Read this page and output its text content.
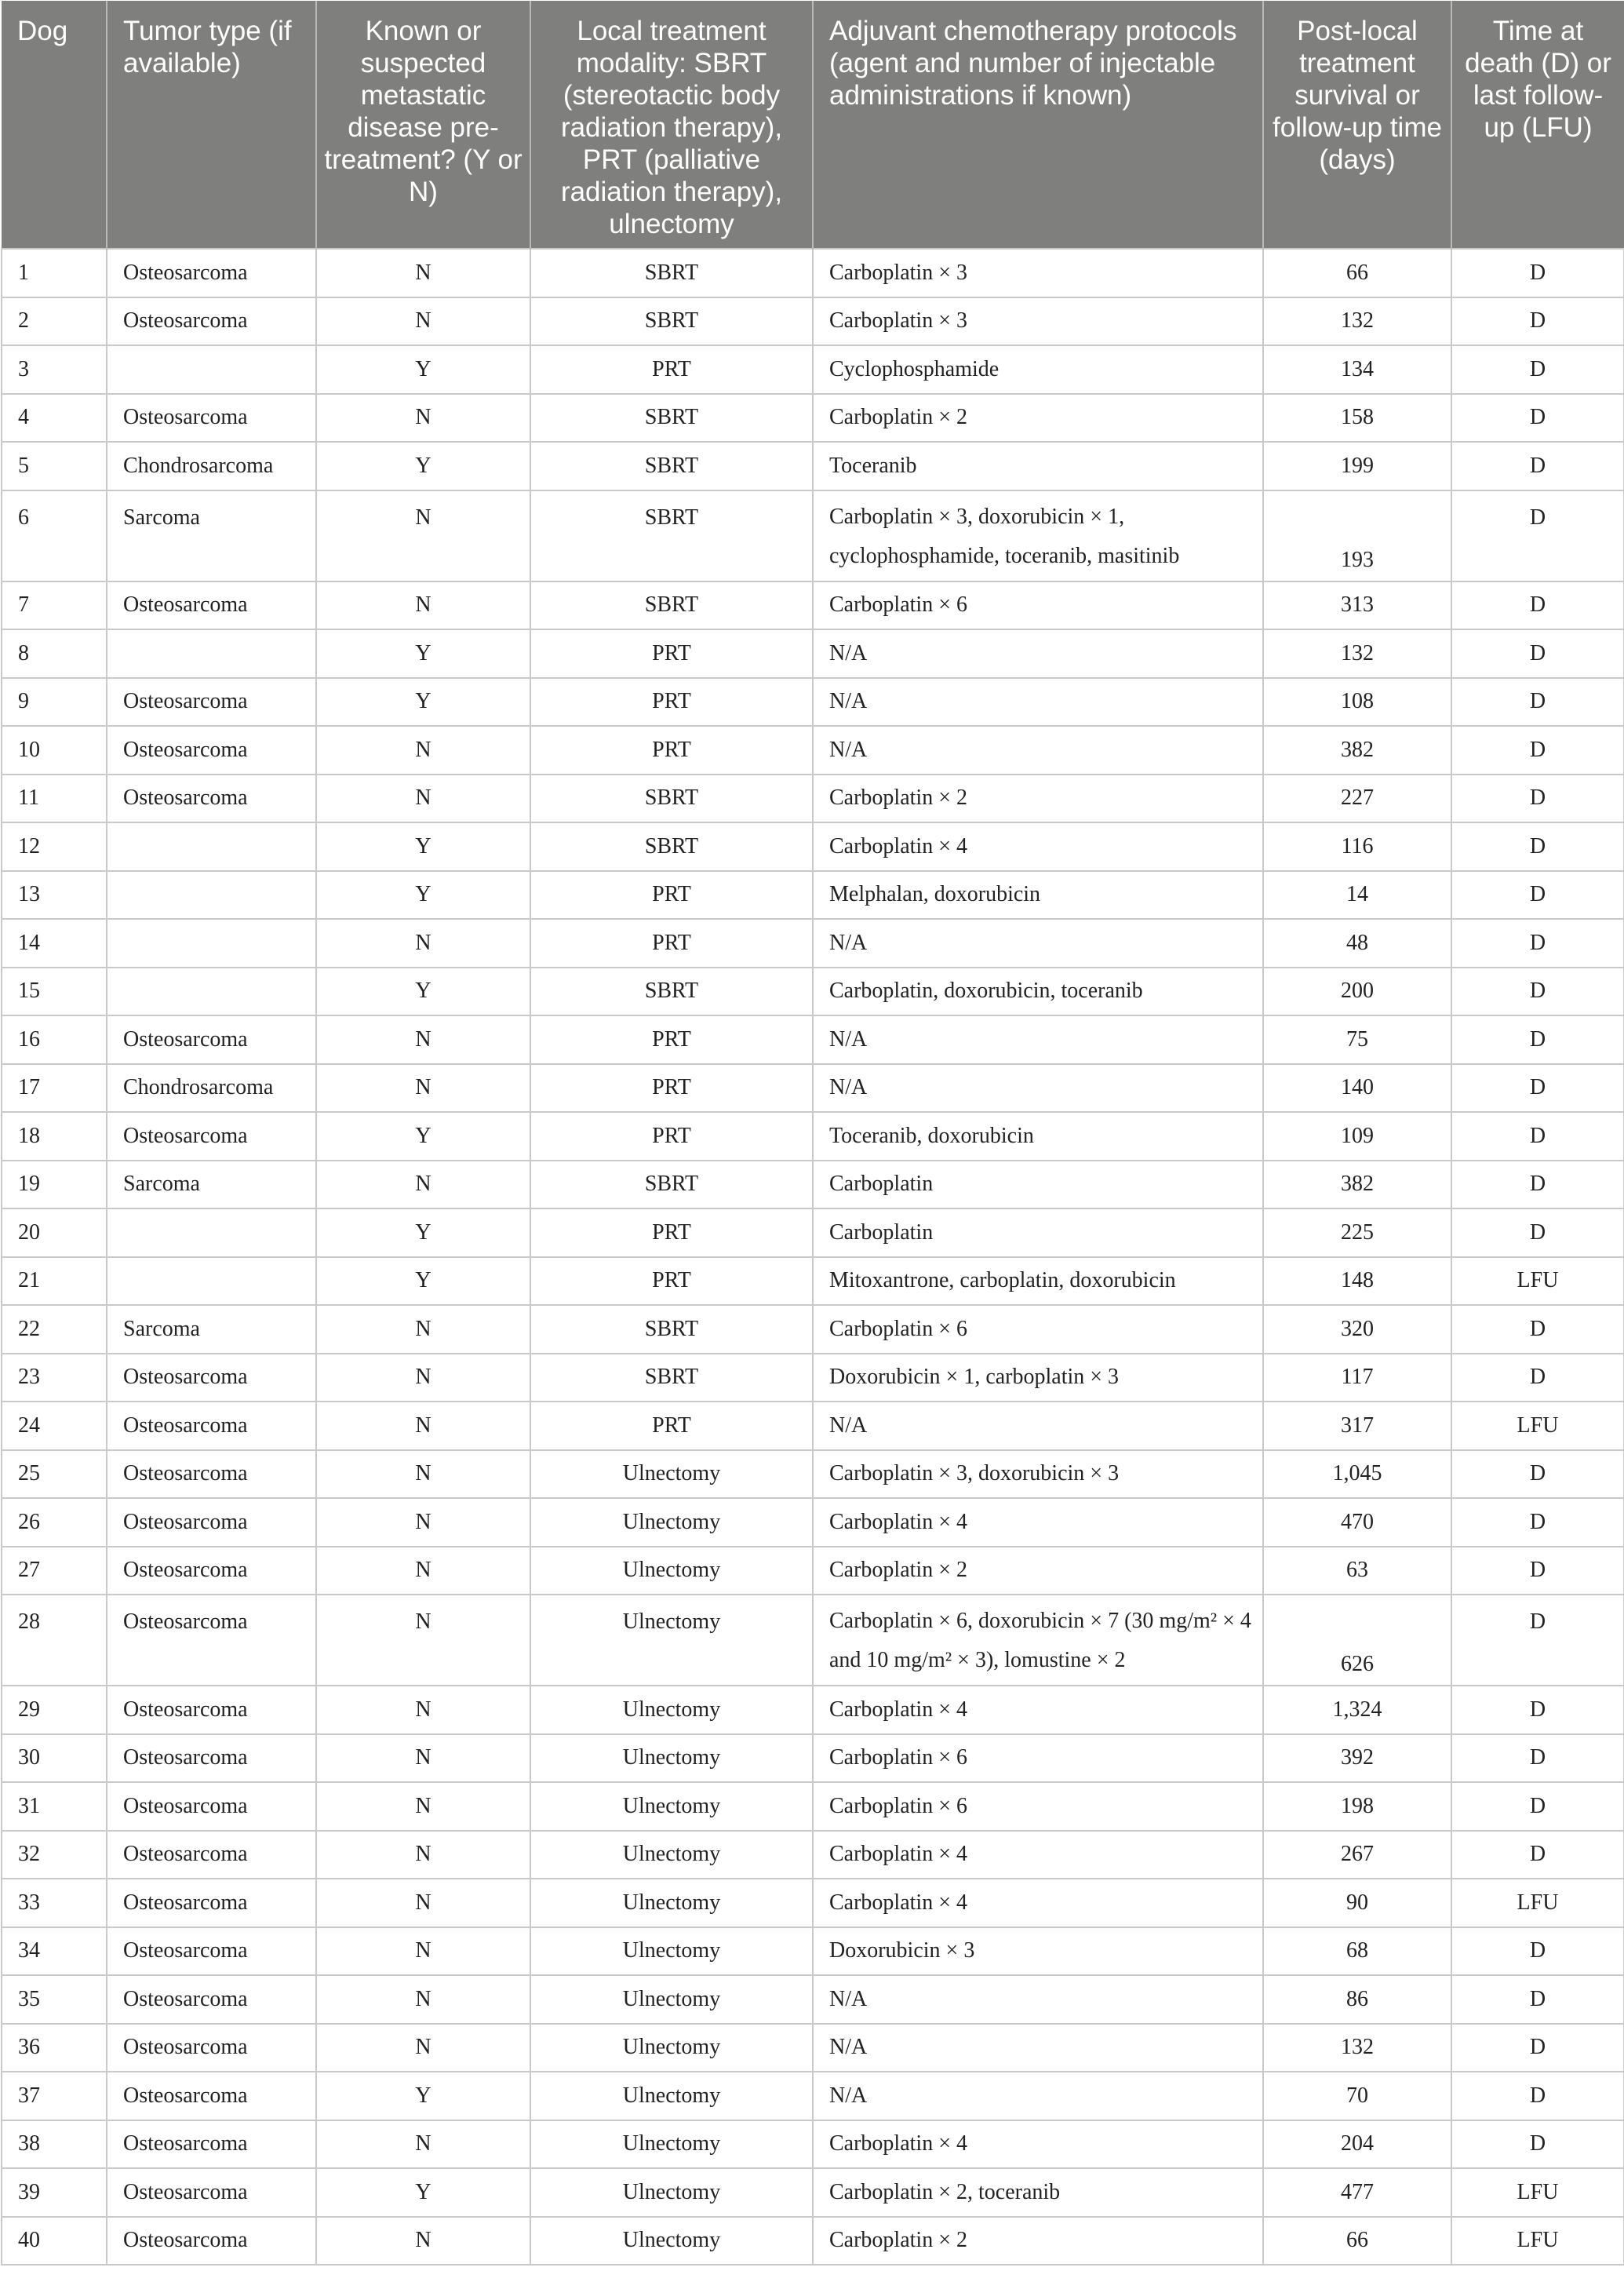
Dog	Tumor type (if available)	Known or suspected metastatic disease pre-treatment? (Y or N)	Local treatment modality: SBRT (stereotactic body radiation therapy), PRT (palliative radiation therapy), ulnectomy	Adjuvant chemotherapy protocols (agent and number of injectable administrations if known)	Post-local treatment survival or follow-up time (days)	Time at death (D) or last follow-up (LFU)
1	Osteosarcoma	N	SBRT	Carboplatin × 3	66	D
2	Osteosarcoma	N	SBRT	Carboplatin × 3	132	D
3		Y	PRT	Cyclophosphamide	134	D
4	Osteosarcoma	N	SBRT	Carboplatin × 2	158	D
5	Chondrosarcoma	Y	SBRT	Toceranib	199	D
6	Sarcoma	N	SBRT	Carboplatin × 3, doxorubicin × 1, cyclophosphamide, toceranib, masitinib	193	D
7	Osteosarcoma	N	SBRT	Carboplatin × 6	313	D
8		Y	PRT	N/A	132	D
9	Osteosarcoma	Y	PRT	N/A	108	D
10	Osteosarcoma	N	PRT	N/A	382	D
11	Osteosarcoma	N	SBRT	Carboplatin × 2	227	D
12		Y	SBRT	Carboplatin × 4	116	D
13		Y	PRT	Melphalan, doxorubicin	14	D
14		N	PRT	N/A	48	D
15		Y	SBRT	Carboplatin, doxorubicin, toceranib	200	D
16	Osteosarcoma	N	PRT	N/A	75	D
17	Chondrosarcoma	N	PRT	N/A	140	D
18	Osteosarcoma	Y	PRT	Toceranib, doxorubicin	109	D
19	Sarcoma	N	SBRT	Carboplatin	382	D
20		Y	PRT	Carboplatin	225	D
21		Y	PRT	Mitoxantrone, carboplatin, doxorubicin	148	LFU
22	Sarcoma	N	SBRT	Carboplatin × 6	320	D
23	Osteosarcoma	N	SBRT	Doxorubicin × 1, carboplatin × 3	117	D
24	Osteosarcoma	N	PRT	N/A	317	LFU
25	Osteosarcoma	N	Ulnectomy	Carboplatin × 3, doxorubicin × 3	1,045	D
26	Osteosarcoma	N	Ulnectomy	Carboplatin × 4	470	D
27	Osteosarcoma	N	Ulnectomy	Carboplatin × 2	63	D
28	Osteosarcoma	N	Ulnectomy	Carboplatin × 6, doxorubicin × 7 (30 mg/m² × 4 and 10 mg/m² × 3), lomustine × 2	626	D
29	Osteosarcoma	N	Ulnectomy	Carboplatin × 4	1,324	D
30	Osteosarcoma	N	Ulnectomy	Carboplatin × 6	392	D
31	Osteosarcoma	N	Ulnectomy	Carboplatin × 6	198	D
32	Osteosarcoma	N	Ulnectomy	Carboplatin × 4	267	D
33	Osteosarcoma	N	Ulnectomy	Carboplatin × 4	90	LFU
34	Osteosarcoma	N	Ulnectomy	Doxorubicin × 3	68	D
35	Osteosarcoma	N	Ulnectomy	N/A	86	D
36	Osteosarcoma	N	Ulnectomy	N/A	132	D
37	Osteosarcoma	Y	Ulnectomy	N/A	70	D
38	Osteosarcoma	N	Ulnectomy	Carboplatin × 4	204	D
39	Osteosarcoma	Y	Ulnectomy	Carboplatin × 2, toceranib	477	LFU
40	Osteosarcoma	N	Ulnectomy	Carboplatin × 2	66	LFU
